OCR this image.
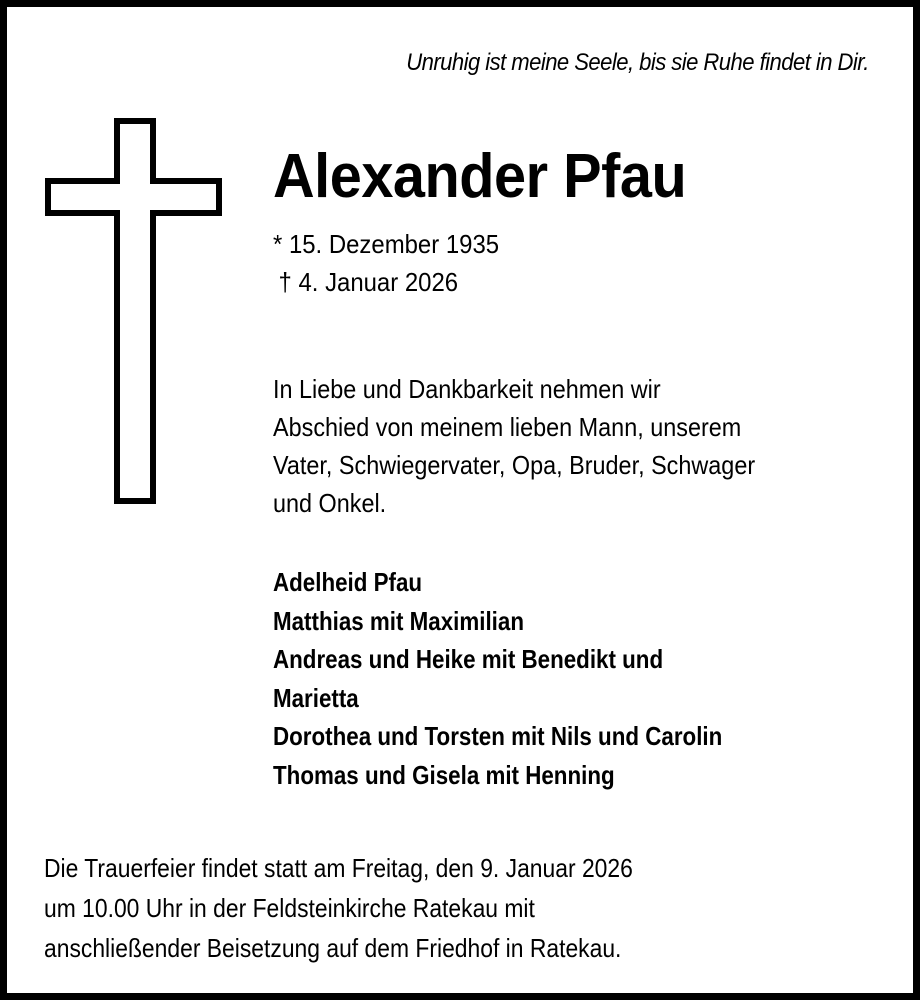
Unruhig ist meine Seele, bis sie Ruhe findet in Dir.
Alexander Pfau
* 15. Dezember 1935
† 4. Januar 2026
In Liebe und Dankbarkeit nehmen wir
Abschied von meinem lieben Mann, unserem
Vater, Schwiegervater, Opa, Bruder, Schwager
und Onkel.
Adelheid Pfau
Matthias mit Maximilian
Andreas und Heike mit Benedikt und
Marietta
Dorothea und Torsten mit Nils und Carolin
Thomas und Gisela mit Henning
Die Trauerfeier findet statt am Freitag, den 9. Januar 2026
um 10.00 Uhr in der Feldsteinkirche Ratekau mit
anschließender Beisetzung auf dem Friedhof in Ratekau.
